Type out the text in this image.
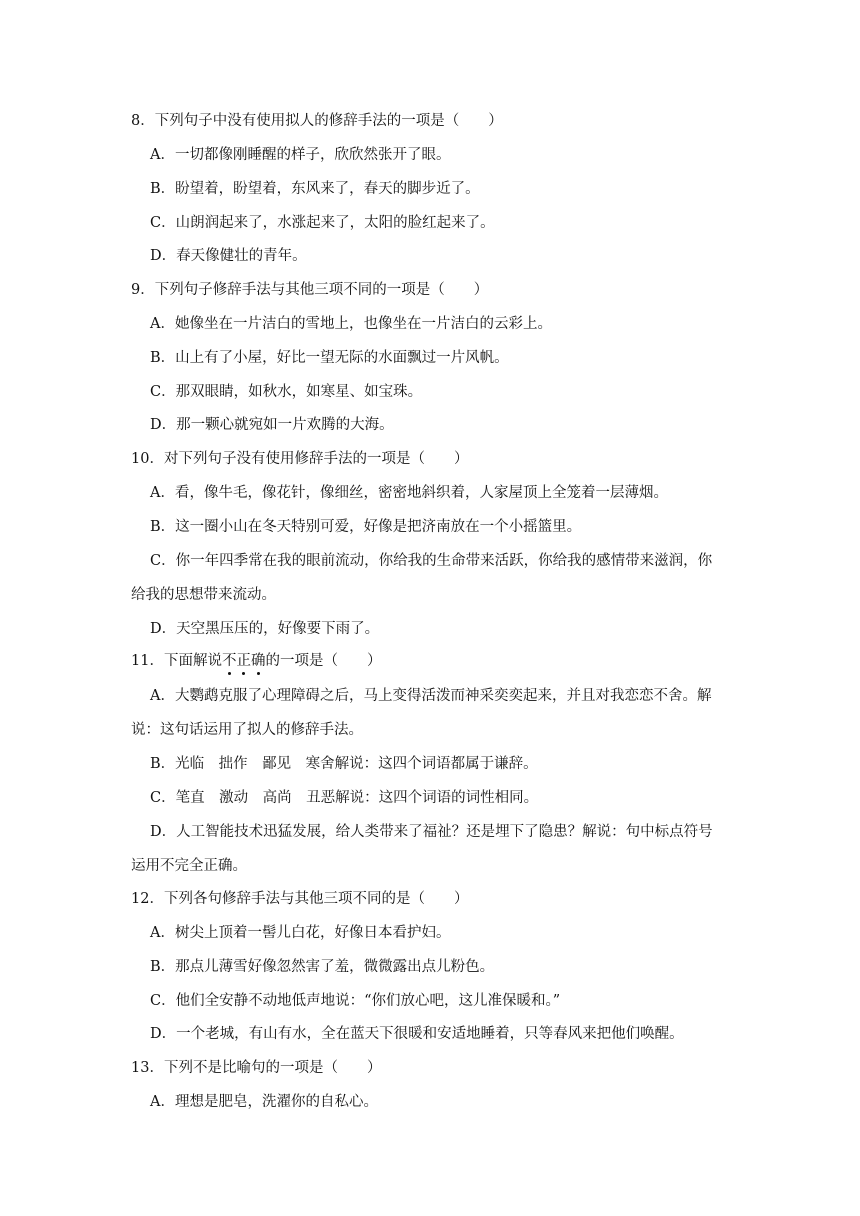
8．下列句子中没有使用拟人的修辞手法的一项是（　　）
A．一切都像刚睡醒的样子，欣欣然张开了眼。
B．盼望着，盼望着，东风来了，春天的脚步近了。
C．山朗润起来了，水涨起来了，太阳的脸红起来了。
D．春天像健壮的青年。
9．下列句子修辞手法与其他三项不同的一项是（　　）
A．她像坐在一片洁白的雪地上，也像坐在一片洁白的云彩上。
B．山上有了小屋，好比一望无际的水面飘过一片风帆。
C．那双眼睛，如秋水，如寒星、如宝珠。
D．那一颗心就宛如一片欢腾的大海。
10．对下列句子没有使用修辞手法的一项是（　　）
A．看，像牛毛，像花针，像细丝，密密地斜织着，人家屋顶上全笼着一层薄烟。
B．这一圈小山在冬天特别可爱，好像是把济南放在一个小摇篮里。
C．你一年四季常在我的眼前流动，你给我的生命带来活跃，你给我的感情带来滋润，你
给我的思想带来流动。
D．天空黑压压的，好像要下雨了。
11．下面解说不正确的一项是（　　）
A．大鹦鹉克服了心理障碍之后，马上变得活泼而神采奕奕起来，并且对我恋恋不舍。解
说：这句话运用了拟人的修辞手法。
B．光临　拙作　鄙见　寒舍解说：这四个词语都属于谦辞。
C．笔直　激动　高尚　丑恶解说：这四个词语的词性相同。
D．人工智能技术迅猛发展，给人类带来了福祉？还是埋下了隐患？解说：句中标点符号
运用不完全正确。
12．下列各句修辞手法与其他三项不同的是（　　）
A．树尖上顶着一髻儿白花，好像日本看护妇。
B．那点儿薄雪好像忽然害了羞，微微露出点儿粉色。
C．他们全安静不动地低声地说：“你们放心吧，这儿准保暖和。”
D．一个老城，有山有水，全在蓝天下很暖和安适地睡着，只等春风来把他们唤醒。
13．下列不是比喻句的一项是（　　）
A．理想是肥皂，洗濯你的自私心。
